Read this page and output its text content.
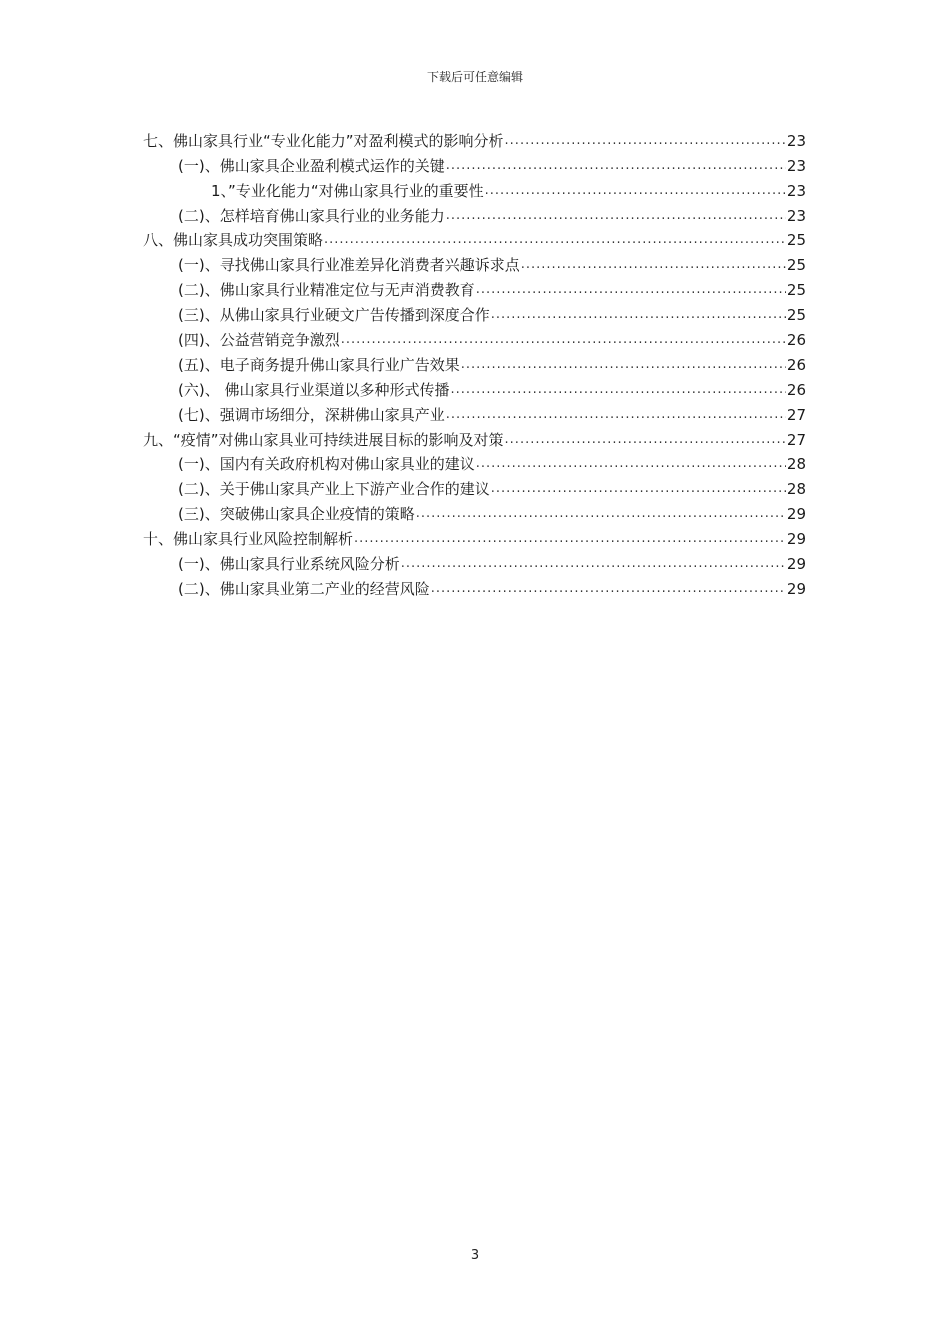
下载后可任意编辑
七、佛山家具行业“专业化能力”对盈利模式的影响分析 .....	23
(一)、佛山家具企业盈利模式运作的关键 .....	23
1、”专业化能力“对佛山家具行业的重要性 .....	23
(二)、怎样培育佛山家具行业的业务能力 .....	23
八、佛山家具成功突围策略 .....	25
(一)、寻找佛山家具行业准差异化消费者兴趣诉求点 .....	25
(二)、佛山家具行业精准定位与无声消费教育 .....	25
(三)、从佛山家具行业硬文广告传播到深度合作 .....	25
(四)、公益营销竞争激烈 .....	26
(五)、电子商务提升佛山家具行业广告效果 .....	26
(六)、 佛山家具行业渠道以多种形式传播 .....	26
(七)、强调市场细分，深耕佛山家具产业 .....	27
九、“疫情”对佛山家具业可持续进展目标的影响及对策 .....	27
(一)、国内有关政府机构对佛山家具业的建议 .....	28
(二)、关于佛山家具产业上下游产业合作的建议 .....	28
(三)、突破佛山家具企业疫情的策略 .....	29
十、佛山家具行业风险控制解析 .....	29
(一)、佛山家具行业系统风险分析 .....	29
(二)、佛山家具业第二产业的经营风险 .....	29
3
